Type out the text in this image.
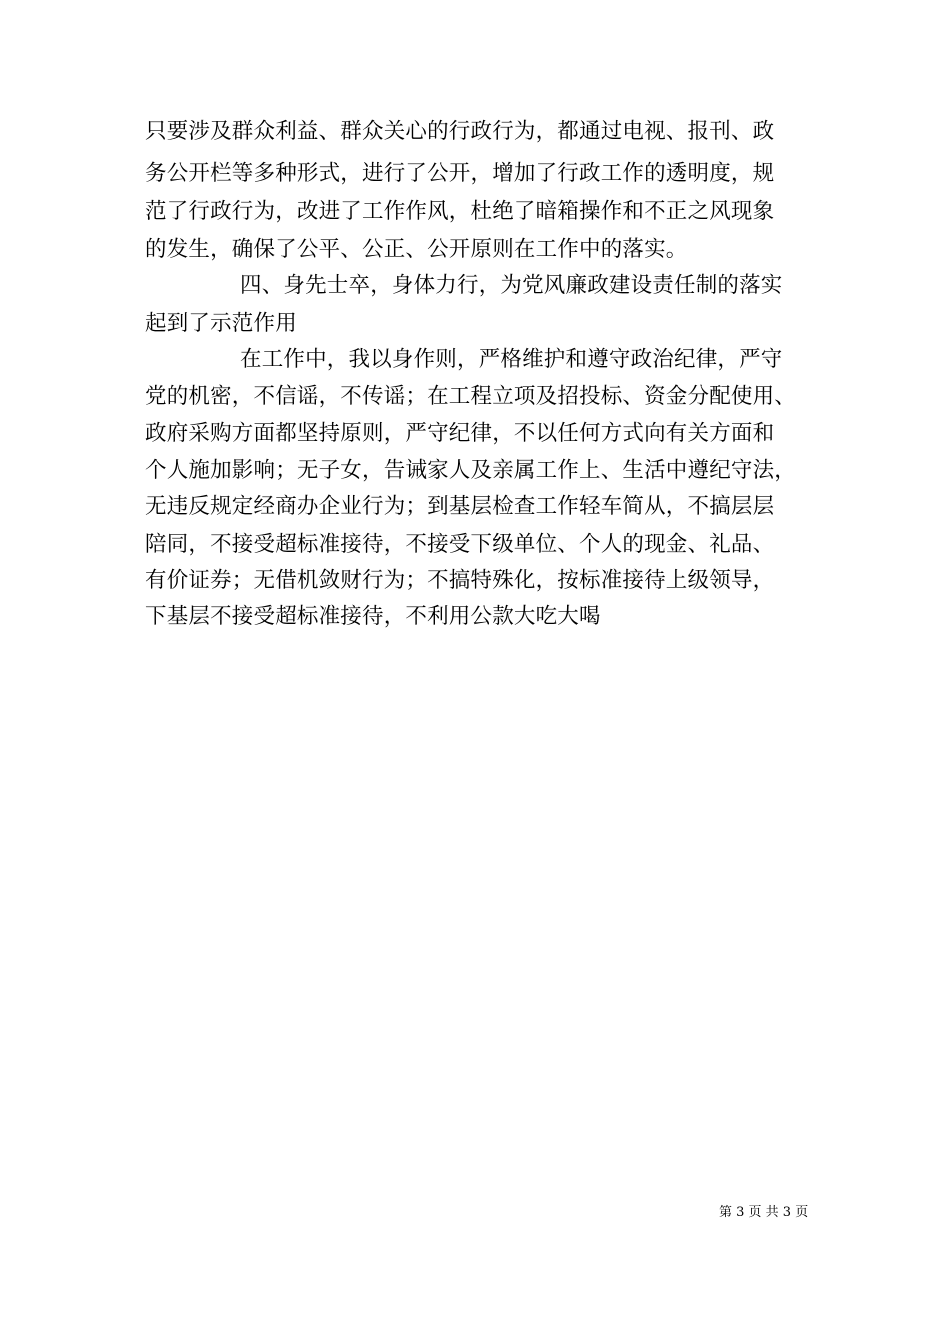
只要涉及群众利益、群众关心的行政行为，都通过电视、报刊、政
务公开栏等多种形式，进行了公开，增加了行政工作的透明度，规
范了行政行为，改进了工作作风，杜绝了暗箱操作和不正之风现象
的发生，确保了公平、公正、公开原则在工作中的落实。
四、身先士卒，身体力行，为党风廉政建设责任制的落实
起到了示范作用
在工作中，我以身作则，严格维护和遵守政治纪律，严守
党的机密，不信谣，不传谣；在工程立项及招投标、资金分配使用、
政府采购方面都坚持原则，严守纪律，不以任何方式向有关方面和
个人施加影响；无子女，告诫家人及亲属工作上、生活中遵纪守法，
无违反规定经商办企业行为；到基层检查工作轻车简从，不搞层层
陪同，不接受超标准接待，不接受下级单位、个人的现金、礼品、
有价证券；无借机敛财行为；不搞特殊化，按标准接待上级领导，
下基层不接受超标准接待，不利用公款大吃大喝
第 3 页 共 3 页
